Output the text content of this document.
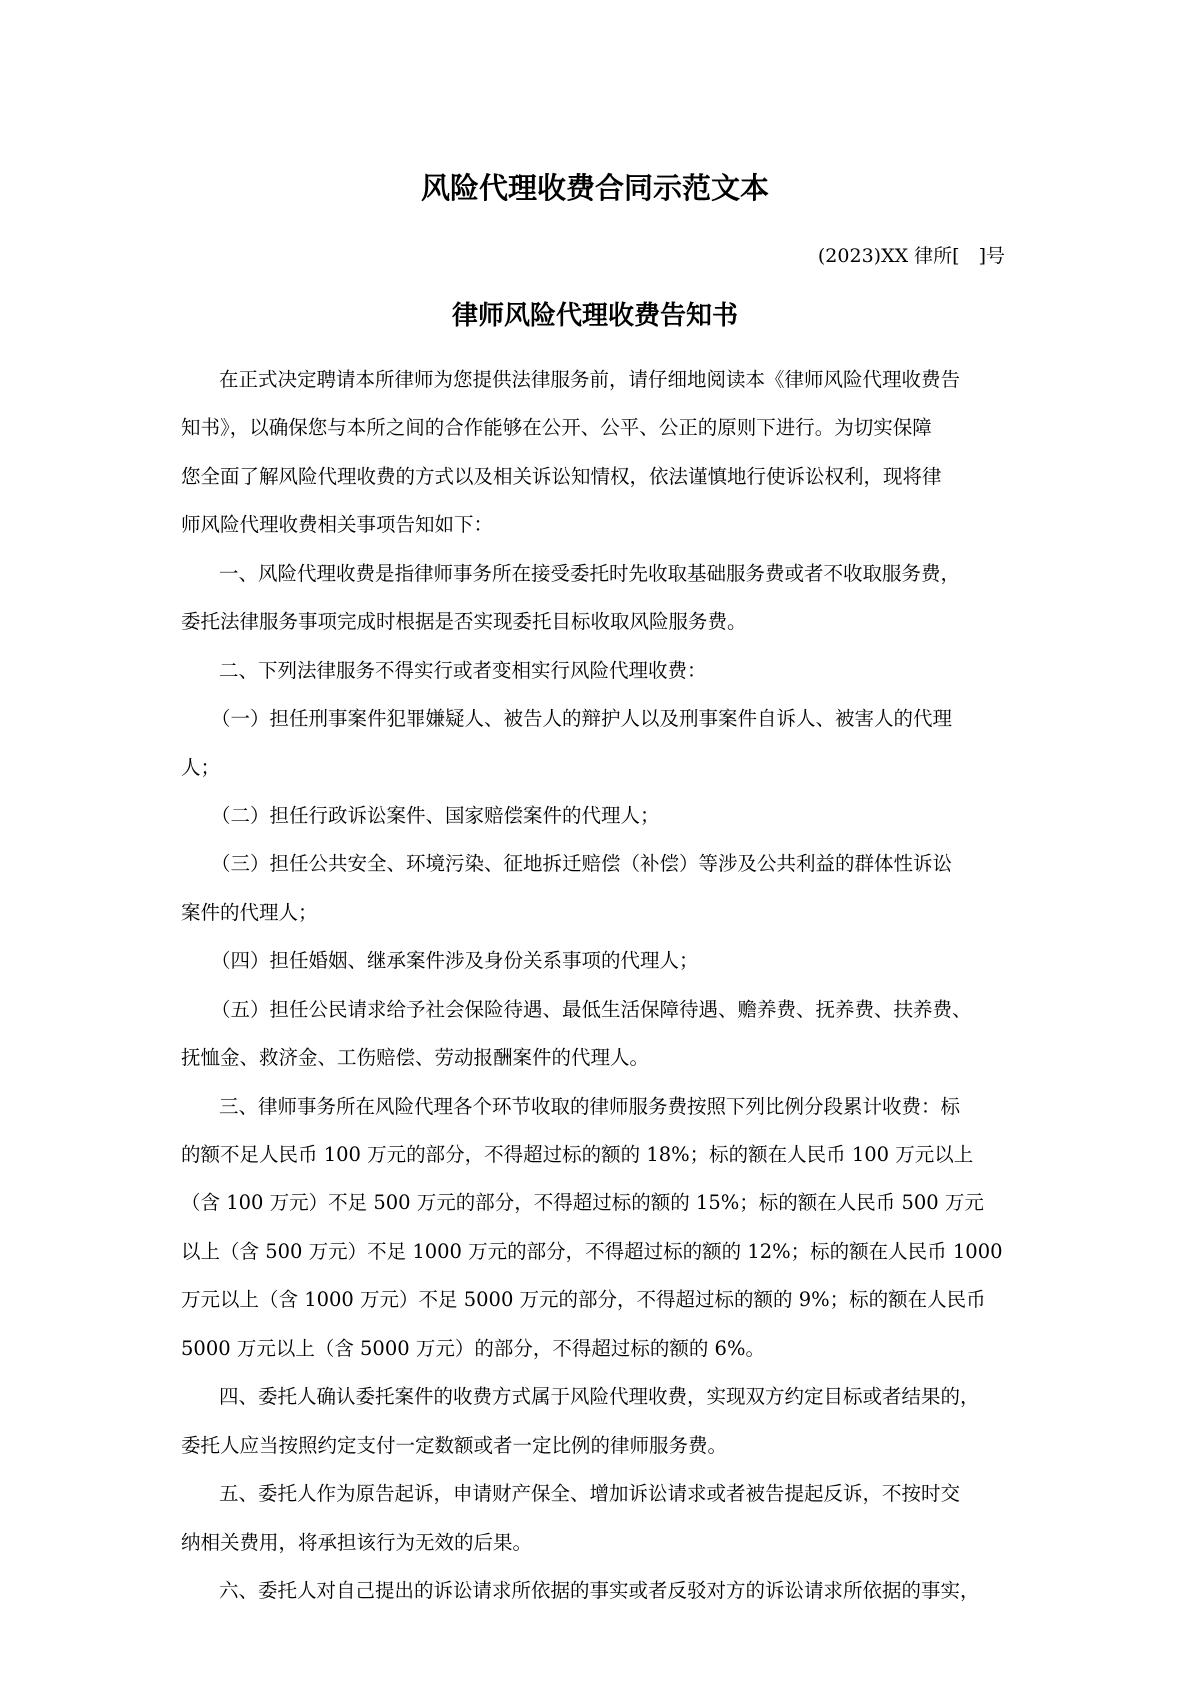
风险代理收费合同示范文本
(2023)XX 律所[　]号
律师风险代理收费告知书
在正式决定聘请本所律师为您提供法律服务前，请仔细地阅读本《律师风险代理收费告
知书》，以确保您与本所之间的合作能够在公开、公平、公正的原则下进行。为切实保障
您全面了解风险代理收费的方式以及相关诉讼知情权，依法谨慎地行使诉讼权利，现将律
师风险代理收费相关事项告知如下：
一、风险代理收费是指律师事务所在接受委托时先收取基础服务费或者不收取服务费，
委托法律服务事项完成时根据是否实现委托目标收取风险服务费。
二、下列法律服务不得实行或者变相实行风险代理收费：
（一）担任刑事案件犯罪嫌疑人、被告人的辩护人以及刑事案件自诉人、被害人的代理
人；
（二）担任行政诉讼案件、国家赔偿案件的代理人；
（三）担任公共安全、环境污染、征地拆迁赔偿（补偿）等涉及公共利益的群体性诉讼
案件的代理人；
（四）担任婚姻、继承案件涉及身份关系事项的代理人；
（五）担任公民请求给予社会保险待遇、最低生活保障待遇、赡养费、抚养费、扶养费、
抚恤金、救济金、工伤赔偿、劳动报酬案件的代理人。
三、律师事务所在风险代理各个环节收取的律师服务费按照下列比例分段累计收费：标
的额不足人民币 100 万元的部分，不得超过标的额的 18%；标的额在人民币 100 万元以上
（含 100 万元）不足 500 万元的部分，不得超过标的额的 15%；标的额在人民币 500 万元
以上（含 500 万元）不足 1000 万元的部分，不得超过标的额的 12%；标的额在人民币 1000
万元以上（含 1000 万元）不足 5000 万元的部分，不得超过标的额的 9%；标的额在人民币
5000 万元以上（含 5000 万元）的部分，不得超过标的额的 6%。
四、委托人确认委托案件的收费方式属于风险代理收费，实现双方约定目标或者结果的，
委托人应当按照约定支付一定数额或者一定比例的律师服务费。
五、委托人作为原告起诉，申请财产保全、增加诉讼请求或者被告提起反诉，不按时交
纳相关费用，将承担该行为无效的后果。
六、委托人对自己提出的诉讼请求所依据的事实或者反驳对方的诉讼请求所依据的事实，
